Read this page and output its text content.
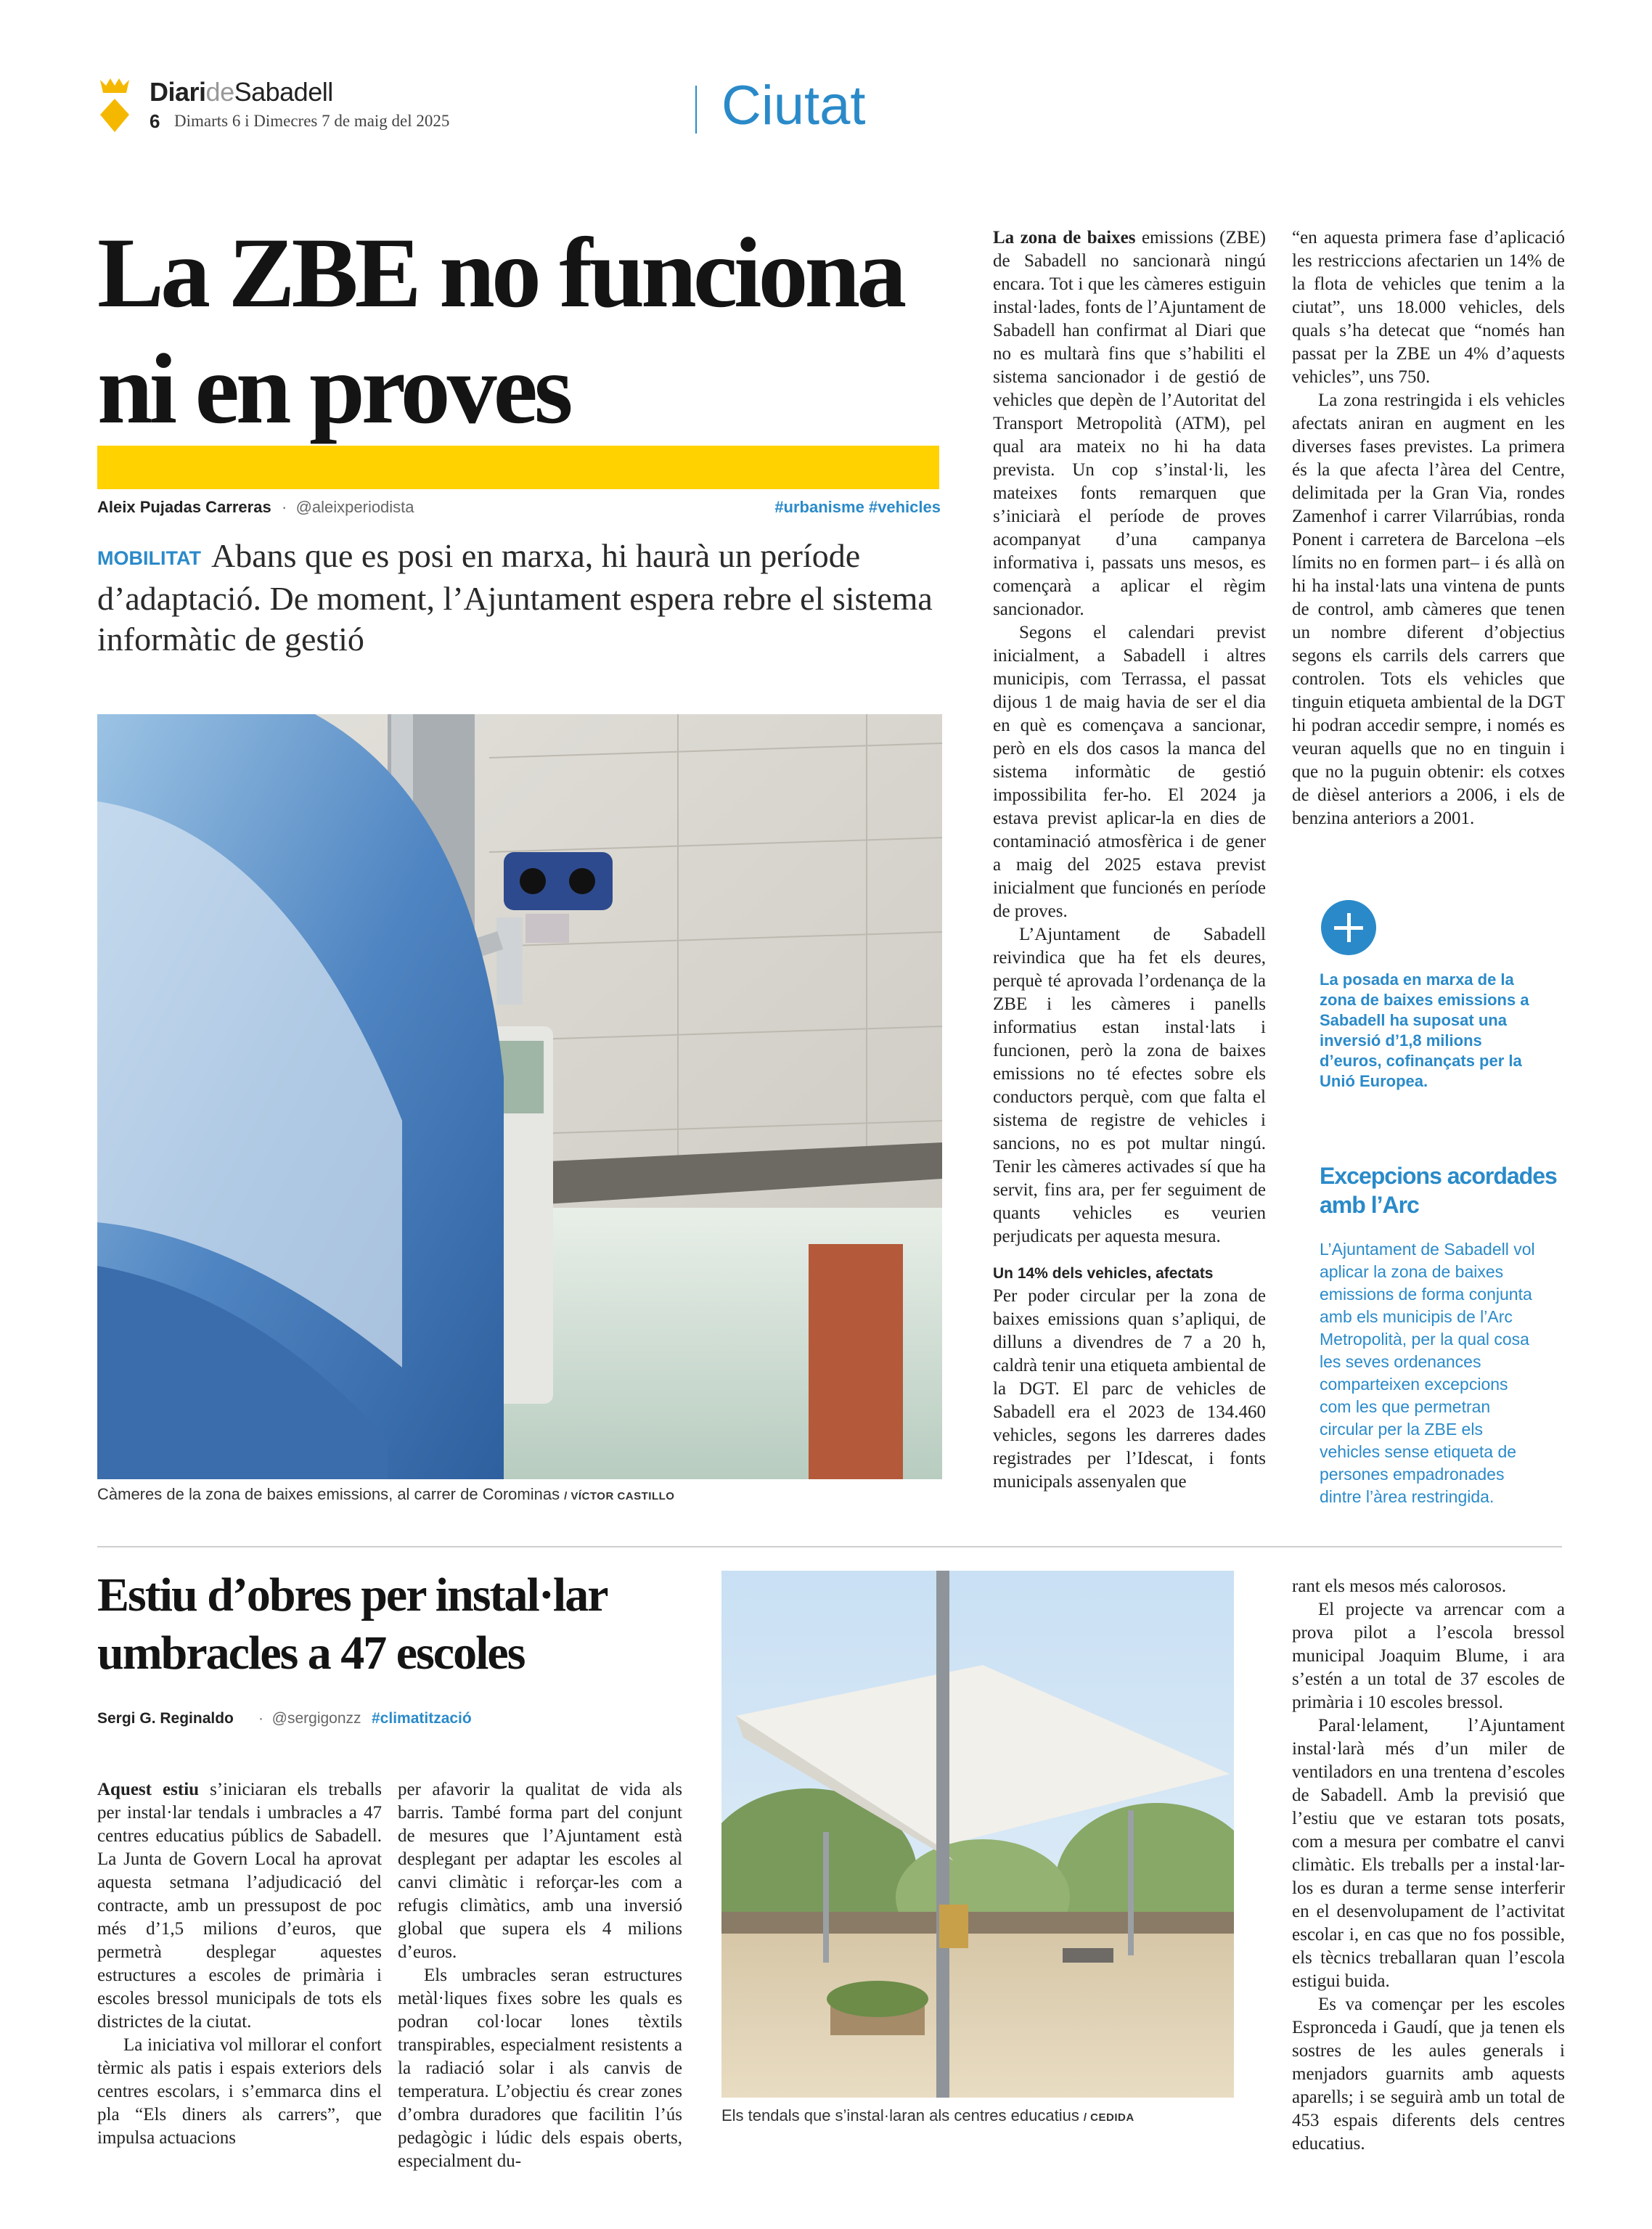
DiarideSabadell
6 Dimarts 6 i Dimecres 7 de maig del 2025	Ciutat
La ZBE no funciona
ni en proves
Aleix Pujadas Carreras · @aleixperiodista	#urbanisme #vehicles
MOBILITAT Abans que es posi en marxa, hi haurà un període d’adaptació. De moment, l’Ajuntament espera rebre el sistema informàtic de gestió
Càmeres de la zona de baixes emissions, al carrer de Corominas / VÍCTOR CASTILLO

La zona de baixes emissions (ZBE) de Sabadell no sancionarà ningú encara. Tot i que les càmeres estiguin instal·lades, fonts de l’Ajuntament de Sabadell han confirmat al Diari que no es multarà fins que s’habiliti el sistema sancionador i de gestió de vehicles que depèn de l’Autoritat del Transport Metropolità (ATM), pel qual ara mateix no hi ha data prevista. Un cop s’instal·li, les mateixes fonts remarquen que s’iniciarà el període de proves acompanyat d’una campanya informativa i, passats uns mesos, es començarà a aplicar el règim sancionador.

Segons el calendari previst inicialment, a Sabadell i altres municipis, com Terrassa, el passat dijous 1 de maig havia de ser el dia en què es començava a sancionar, però en els dos casos la manca del sistema informàtic de gestió impossibilita fer-ho. El 2024 ja estava previst aplicar-la en dies de contaminació atmosfèrica i de gener a maig del 2025 estava previst inicialment que funcionés en període de proves.

L’Ajuntament de Sabadell reivindica que ha fet els deures, perquè té aprovada l’ordenança de la ZBE i les càmeres i panells informatius estan instal·lats i funcionen, però la zona de baixes emissions no té efectes sobre els conductors perquè, com que falta el sistema de registre de vehicles i sancions, no es pot multar ningú. Tenir les càmeres activades sí que ha servit, fins ara, per fer seguiment de quants vehicles es veurien perjudicats per aquesta mesura.

Un 14% dels vehicles, afectats

Per poder circular per la zona de baixes emissions quan s’apliqui, de dilluns a divendres de 7 a 20 h, caldrà tenir una etiqueta ambiental de la DGT. El parc de vehicles de Sabadell era el 2023 de 134.460 vehicles, segons les darreres dades registrades per l’Idescat, i fonts municipals assenyalen que

“en aquesta primera fase d’aplicació les restriccions afectarien un 14% de la flota de vehicles que tenim a la ciutat”, uns 18.000 vehicles, dels quals s’ha detecat que “només han passat per la ZBE un 4% d’aquests vehicles”, uns 750.

La zona restringida i els vehicles afectats aniran en augment en les diverses fases previstes. La primera és la que afecta l’àrea del Centre, delimitada per la Gran Via, rondes Zamenhof i carrer Vilarrúbias, ronda Ponent i carretera de Barcelona –els límits no en formen part– i és allà on hi ha instal·lats una vintena de punts de control, amb càmeres que tenen un nombre diferent d’objectius segons els carrils dels carrers que controlen. Tots els vehicles que tinguin etiqueta ambiental de la DGT hi podran accedir sempre, i només es veuran aquells que no en tinguin i que no la puguin obtenir: els cotxes de dièsel anteriors a 2006, i els de benzina anteriors a 2001.

La posada en marxa de la zona de baixes emissions a Sabadell ha suposat una inversió d’1,8 milions d’euros, cofinançats per la Unió Europea.
Excepcions acordades amb l’Arc
L’Ajuntament de Sabadell vol aplicar la zona de baixes emissions de forma conjunta amb els municipis de l’Arc Metropolità, per la qual cosa les seves ordenances comparteixen excepcions com les que permetran circular per la ZBE els vehicles sense etiqueta de persones empadronades dintre l’àrea restringida.
Estiu d’obres per instal·lar
umbracles a 47 escoles
Sergi G. Reginaldo · @sergigonzz #climatització

Aquest estiu s’iniciaran els treballs per instal·lar tendals i umbracles a 47 centres educatius públics de Sabadell. La Junta de Govern Local ha aprovat aquesta setmana l’adjudicació del contracte, amb un pressupost de poc més d’1,5 milions d’euros, que permetrà desplegar aquestes estructures a escoles de primària i escoles bressol municipals de tots els districtes de la ciutat.

La iniciativa vol millorar el confort tèrmic als patis i espais exteriors dels centres escolars, i s’emmarca dins el pla “Els diners als carrers”, que impulsa actuacions

per afavorir la qualitat de vida als barris. També forma part del conjunt de mesures que l’Ajuntament està desplegant per adaptar les escoles al canvi climàtic i reforçar-les com a refugis climàtics, amb una inversió global que supera els 4 milions d’euros.

Els umbracles seran estructures metàl·liques fixes sobre les quals es podran col·locar lones tèxtils transpirables, especialment resistents a la radiació solar i als canvis de temperatura. L’objectiu és crear zones d’ombra duradores que facilitin l’ús pedagògic i lúdic dels espais oberts, especialment du-

Els tendals que s’instal·laran als centres educatius / CEDIDA

rant els mesos més calorosos.

El projecte va arrencar com a prova pilot a l’escola bressol municipal Joaquim Blume, i ara s’estén a un total de 37 escoles de primària i 10 escoles bressol.

Paral·lelament, l’Ajuntament instal·larà més d’un miler de ventiladors en una trentena d’escoles de Sabadell. Amb la previsió que l’estiu que ve estaran tots posats, com a mesura per combatre el canvi climàtic. Els treballs per a instal·lar-los es duran a terme sense interferir en el desenvolupament de l’activitat escolar i, en cas que no fos possible, els tècnics treballaran quan l’escola estigui buida.

Es va començar per les escoles Espronceda i Gaudí, que ja tenen els sostres de les aules generals i menjadors guarnits amb aquests aparells; i se seguirà amb un total de 453 espais diferents dels centres educatius.
